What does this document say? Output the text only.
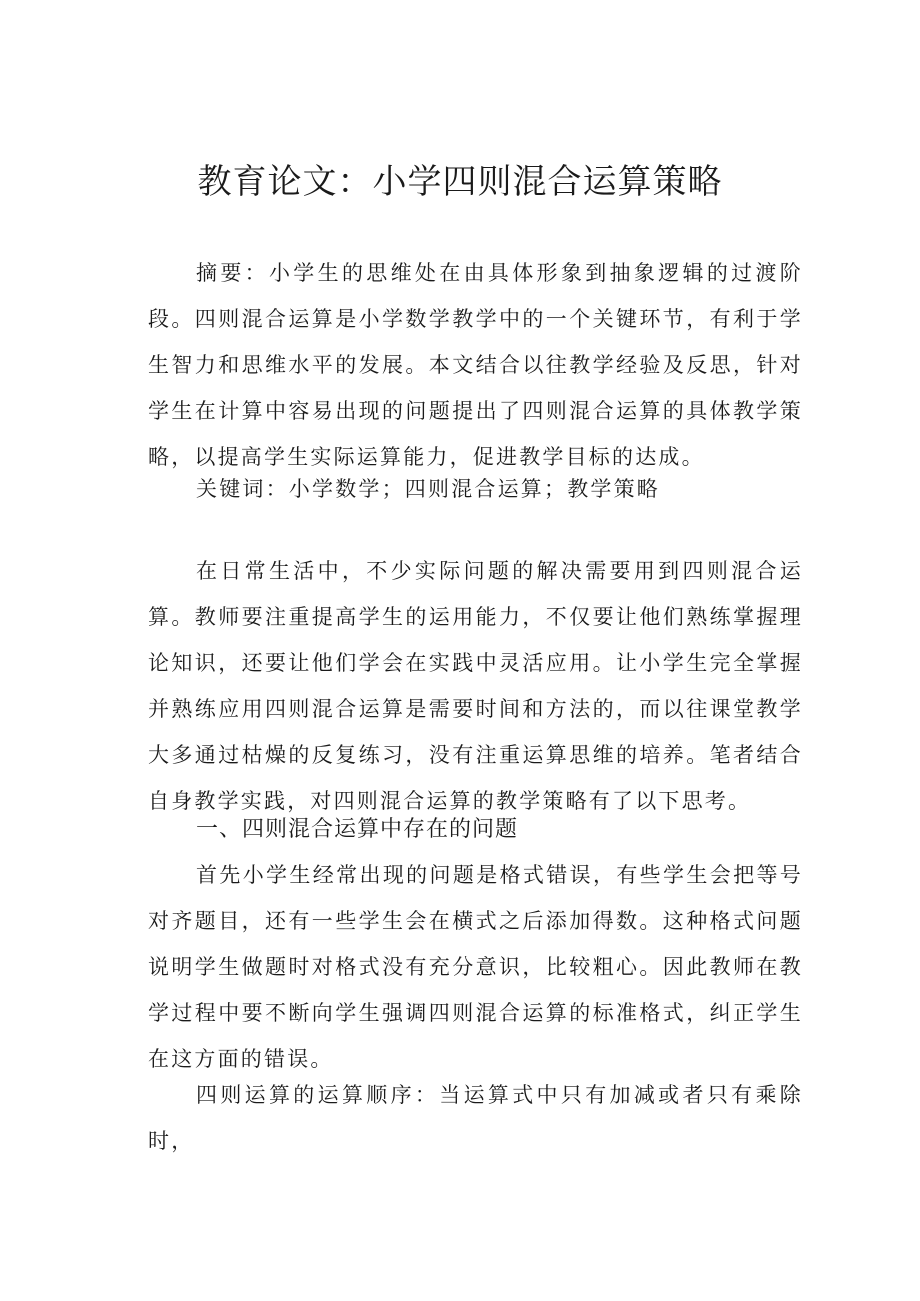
教育论文：小学四则混合运算策略

摘要：小学生的思维处在由具体形象到抽象逻辑的过渡阶段。四则混合运算是小学数学教学中的一个关键环节，有利于学生智力和思维水平的发展。本文结合以往教学经验及反思，针对学生在计算中容易出现的问题提出了四则混合运算的具体教学策略，以提高学生实际运算能力，促进教学目标的达成。

关键词：小学数学；四则混合运算；教学策略

在日常生活中，不少实际问题的解决需要用到四则混合运算。教师要注重提高学生的运用能力，不仅要让他们熟练掌握理论知识，还要让他们学会在实践中灵活应用。让小学生完全掌握并熟练应用四则混合运算是需要时间和方法的，而以往课堂教学大多通过枯燥的反复练习，没有注重运算思维的培养。笔者结合自身教学实践，对四则混合运算的教学策略有了以下思考。

一、四则混合运算中存在的问题

首先小学生经常出现的问题是格式错误，有些学生会把等号对齐题目，还有一些学生会在横式之后添加得数。这种格式问题说明学生做题时对格式没有充分意识，比较粗心。因此教师在教学过程中要不断向学生强调四则混合运算的标准格式，纠正学生在这方面的错误。

四则运算的运算顺序：当运算式中只有加减或者只有乘除时，
